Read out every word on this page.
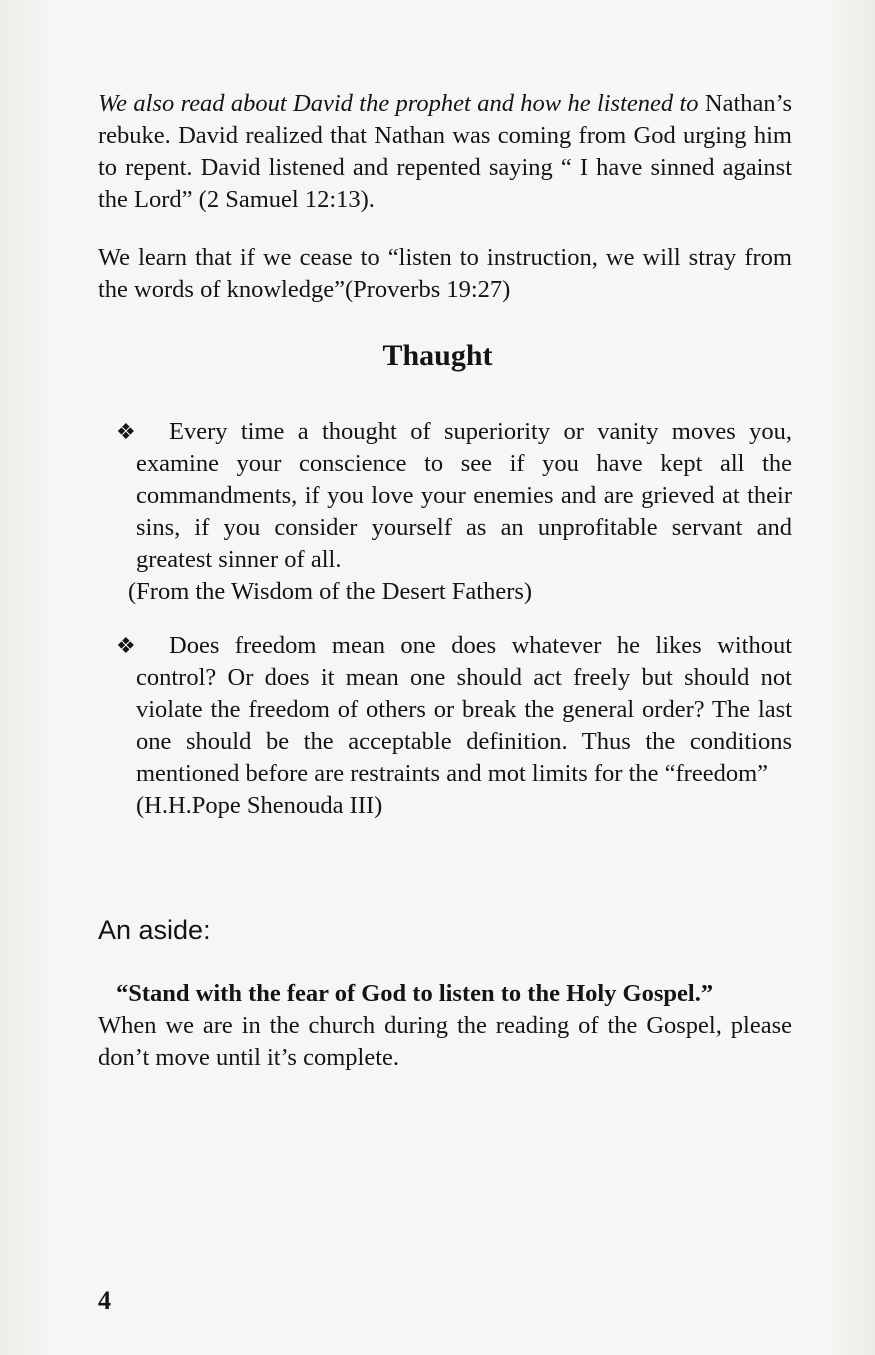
We also read about David the prophet and how he listened to Nathan’s rebuke. David realized that Nathan was coming from God urging him to repent. David listened and repented saying “ I have sinned against the Lord” (2 Samuel 12:13).
We learn that if we cease to “listen to instruction, we will stray from the words of knowledge”(Proverbs 19:27)
Thaught
❖	Every time a thought of superiority or vanity moves you, examine your conscience to see if you have kept all the commandments, if you love your enemies and are grieved at their sins, if you consider yourself as an unprofitable servant and greatest sinner of all.
(From the Wisdom of the Desert Fathers)
❖	Does freedom mean one does whatever he likes without control? Or does it mean one should act freely but should not violate the freedom of others or break the general order? The last one should be the acceptable definition. Thus the conditions mentioned before are restraints and mot limits for the “freedom”
(H.H.Pope Shenouda III)
An aside:
“Stand with the fear of God to listen to the Holy Gospel.”
When we are in the church during the reading of the Gospel, please don’t move until it’s complete.
4
